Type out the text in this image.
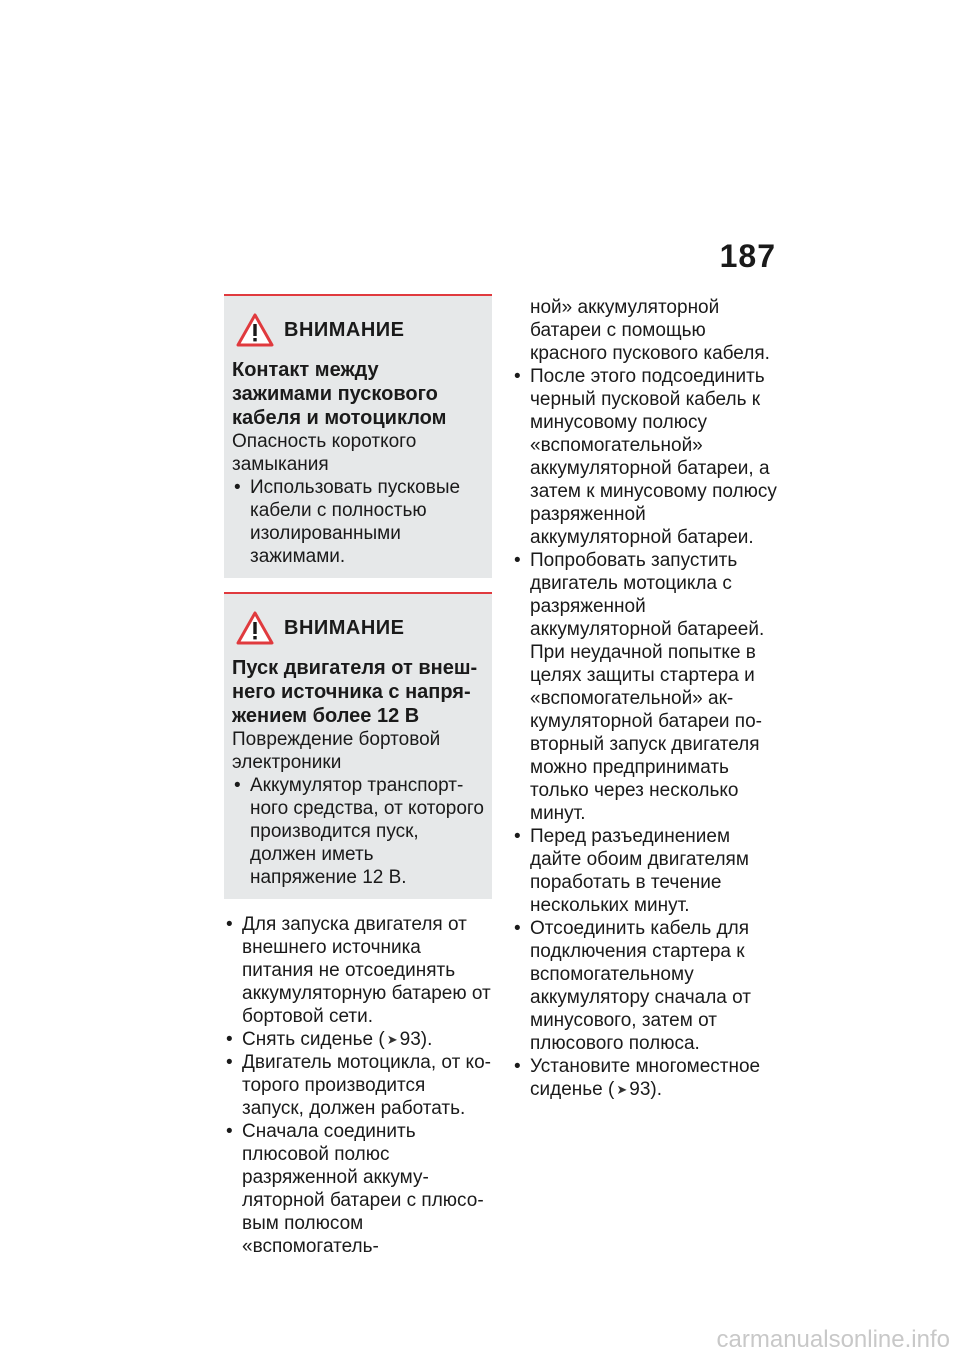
187
ВНИМАНИЕ
Контакт между зажимами пускового кабеля и мотоциклом
Опасность короткого замыкания
• Использовать пусковые кабели с полностью изолированными зажимами.
ВНИМАНИЕ
Пуск двигателя от внешнего источника с напряжением более 12 В
Повреждение бортовой электроники
• Аккумулятор транспортного средства, от которого производится пуск, должен иметь напряжение 12 В.
• Для запуска двигателя от внешнего источника питания не отсоединять аккумуляторную батарею от бортовой сети.
• Снять сиденье ( ➤ 93).
• Двигатель мотоцикла, от которого производится запуск, должен работать.
• Сначала соединить плюсовой полюс разряженной аккумуляторной батареи с плюсовым полюсом «вспомогатель-
ной» аккумуляторной батареи с помощью красного пускового кабеля.
• После этого подсоединить черный пусковой кабель к минусовому полюсу «вспомогательной» аккумуляторной батареи, а затем к минусовому полюсу разряженной аккумуляторной батареи.
• Попробовать запустить двигатель мотоцикла с разряженной аккумуляторной батареей. При неудачной попытке в целях защиты стартера и «вспомогательной» аккумуляторной батареи повторный запуск двигателя можно предпринимать только через несколько минут.
• Перед разъединением дайте обоим двигателям поработать в течение нескольких минут.
• Отсоединить кабель для подключения стартера к вспомогательному аккумулятору сначала от минусового, затем от плюсового полюса.
• Установите многоместное сиденье ( ➤ 93).
carmanualsonline.info
